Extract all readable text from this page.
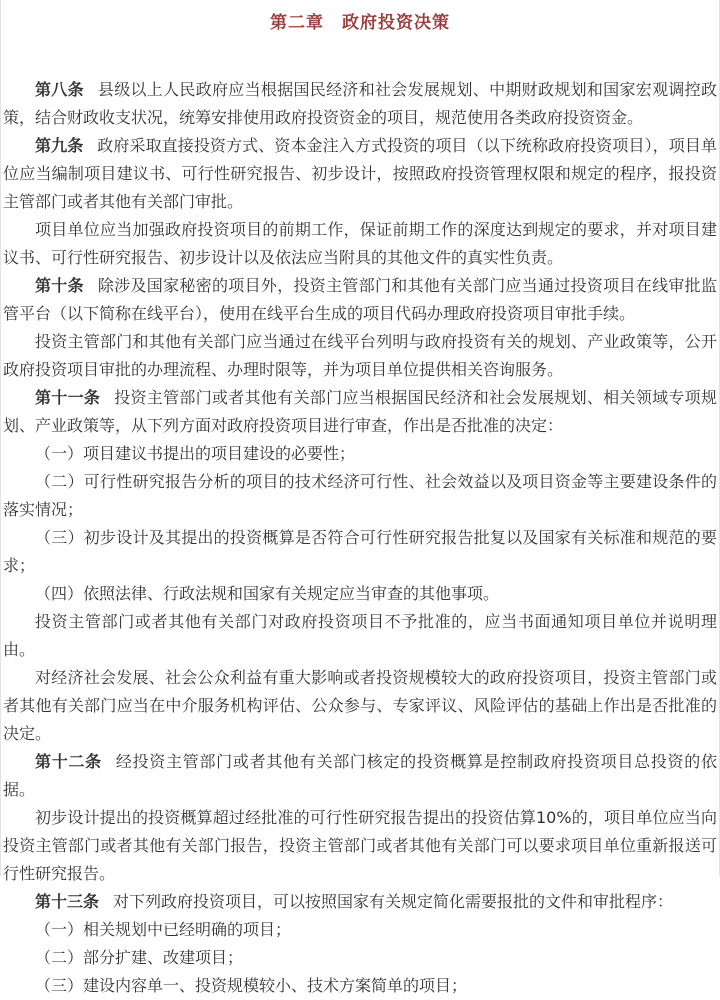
第二章　政府投资决策

第八条 县级以上人民政府应当根据国民经济和社会发展规划、中期财政规划和国家宏观调控政策，结合财政收支状况，统筹安排使用政府投资资金的项目，规范使用各类政府投资资金。

第九条 政府采取直接投资方式、资本金注入方式投资的项目（以下统称政府投资项目），项目单位应当编制项目建议书、可行性研究报告、初步设计，按照政府投资管理权限和规定的程序，报投资主管部门或者其他有关部门审批。

项目单位应当加强政府投资项目的前期工作，保证前期工作的深度达到规定的要求，并对项目建议书、可行性研究报告、初步设计以及依法应当附具的其他文件的真实性负责。

第十条 除涉及国家秘密的项目外，投资主管部门和其他有关部门应当通过投资项目在线审批监管平台（以下简称在线平台），使用在线平台生成的项目代码办理政府投资项目审批手续。

投资主管部门和其他有关部门应当通过在线平台列明与政府投资有关的规划、产业政策等，公开政府投资项目审批的办理流程、办理时限等，并为项目单位提供相关咨询服务。

第十一条 投资主管部门或者其他有关部门应当根据国民经济和社会发展规划、相关领域专项规划、产业政策等，从下列方面对政府投资项目进行审查，作出是否批准的决定：

（一）项目建议书提出的项目建设的必要性；

（二）可行性研究报告分析的项目的技术经济可行性、社会效益以及项目资金等主要建设条件的落实情况；

（三）初步设计及其提出的投资概算是否符合可行性研究报告批复以及国家有关标准和规范的要求；

（四）依照法律、行政法规和国家有关规定应当审查的其他事项。

投资主管部门或者其他有关部门对政府投资项目不予批准的，应当书面通知项目单位并说明理由。

对经济社会发展、社会公众利益有重大影响或者投资规模较大的政府投资项目，投资主管部门或者其他有关部门应当在中介服务机构评估、公众参与、专家评议、风险评估的基础上作出是否批准的决定。

第十二条 经投资主管部门或者其他有关部门核定的投资概算是控制政府投资项目总投资的依据。

初步设计提出的投资概算超过经批准的可行性研究报告提出的投资估算10%的，项目单位应当向投资主管部门或者其他有关部门报告，投资主管部门或者其他有关部门可以要求项目单位重新报送可行性研究报告。

第十三条 对下列政府投资项目，可以按照国家有关规定简化需要报批的文件和审批程序：

（一）相关规划中已经明确的项目；

（二）部分扩建、改建项目；

（三）建设内容单一、投资规模较小、技术方案简单的项目；
